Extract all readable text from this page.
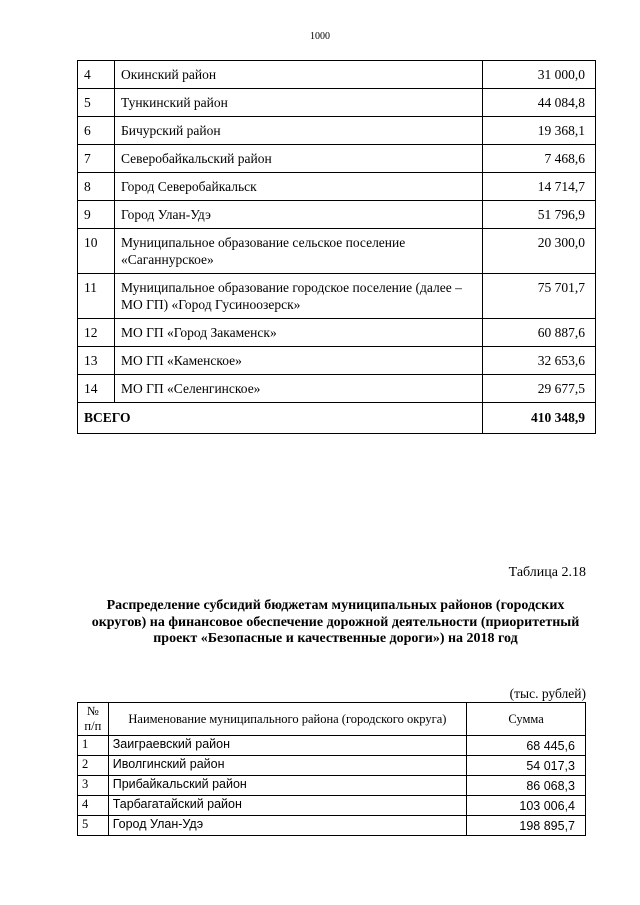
1000
4	Окинский район	31 000,0
5	Тункинский район	44 084,8
6	Бичурский район	19 368,1
7	Северобайкальский район	7 468,6
8	Город Северобайкальск	14 714,7
9	Город Улан-Удэ	51 796,9
10	Муниципальное образование сельское поселение «Саганнурское»	20 300,0
11	Муниципальное образование городское поселение (далее – МО ГП) «Город Гусиноозерск»	75 701,7
12	МО ГП «Город Закаменск»	60 887,6
13	МО ГП «Каменское»	32 653,6
14	МО ГП «Селенгинское»	29 677,5
ВСЕГО		410 348,9
Таблица 2.18
Распределение субсидий бюджетам муниципальных районов (городских округов) на финансовое обеспечение дорожной деятельности (приоритетный проект «Безопасные и качественные дороги») на 2018 год
(тыс. рублей)
№ п/п	Наименование муниципального района (городского округа)	Сумма
1	Заиграевский район	68 445,6
2	Иволгинский район	54 017,3
3	Прибайкальский район	86 068,3
4	Тарбагатайский район	103 006,4
5	Город Улан-Удэ	198 895,7
